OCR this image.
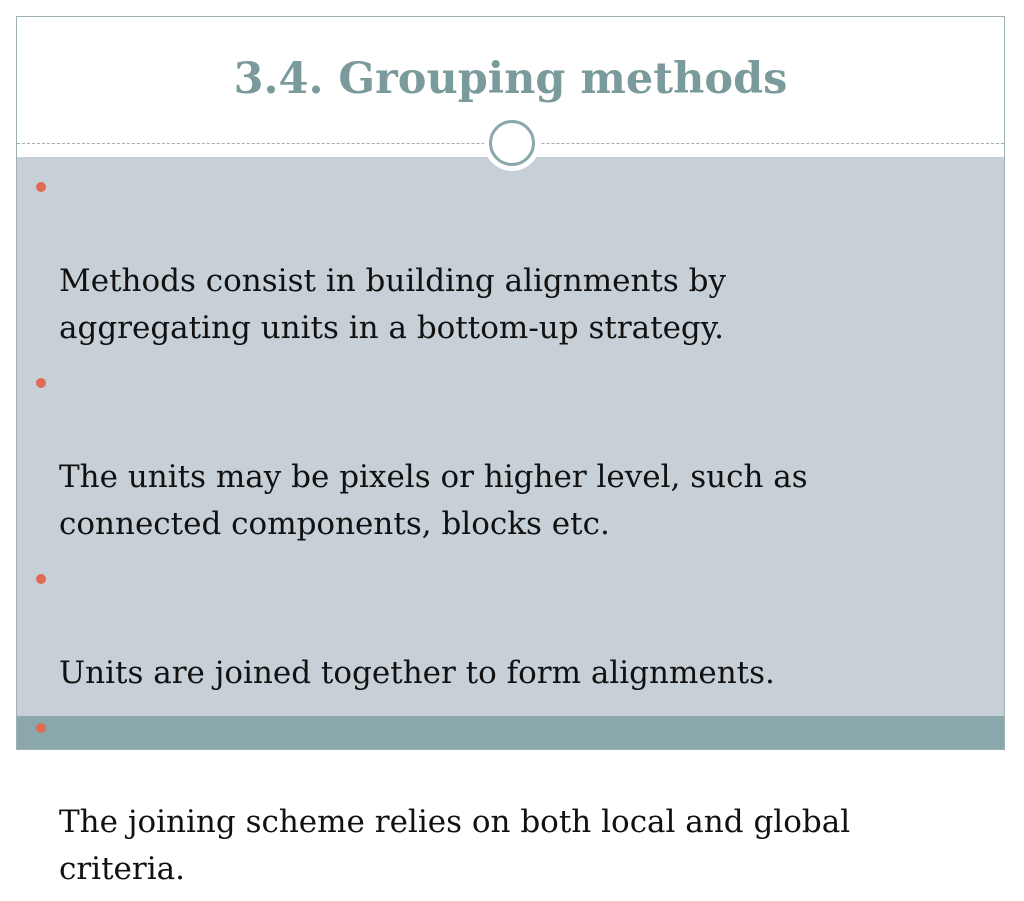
3.4. Grouping methods

Methods consist in building alignments by
aggregating units in a bottom-up strategy.

The units may be pixels or higher level, such as
connected components, blocks etc.

Units are joined together to form alignments.

The joining scheme relies on both local and global
criteria.
